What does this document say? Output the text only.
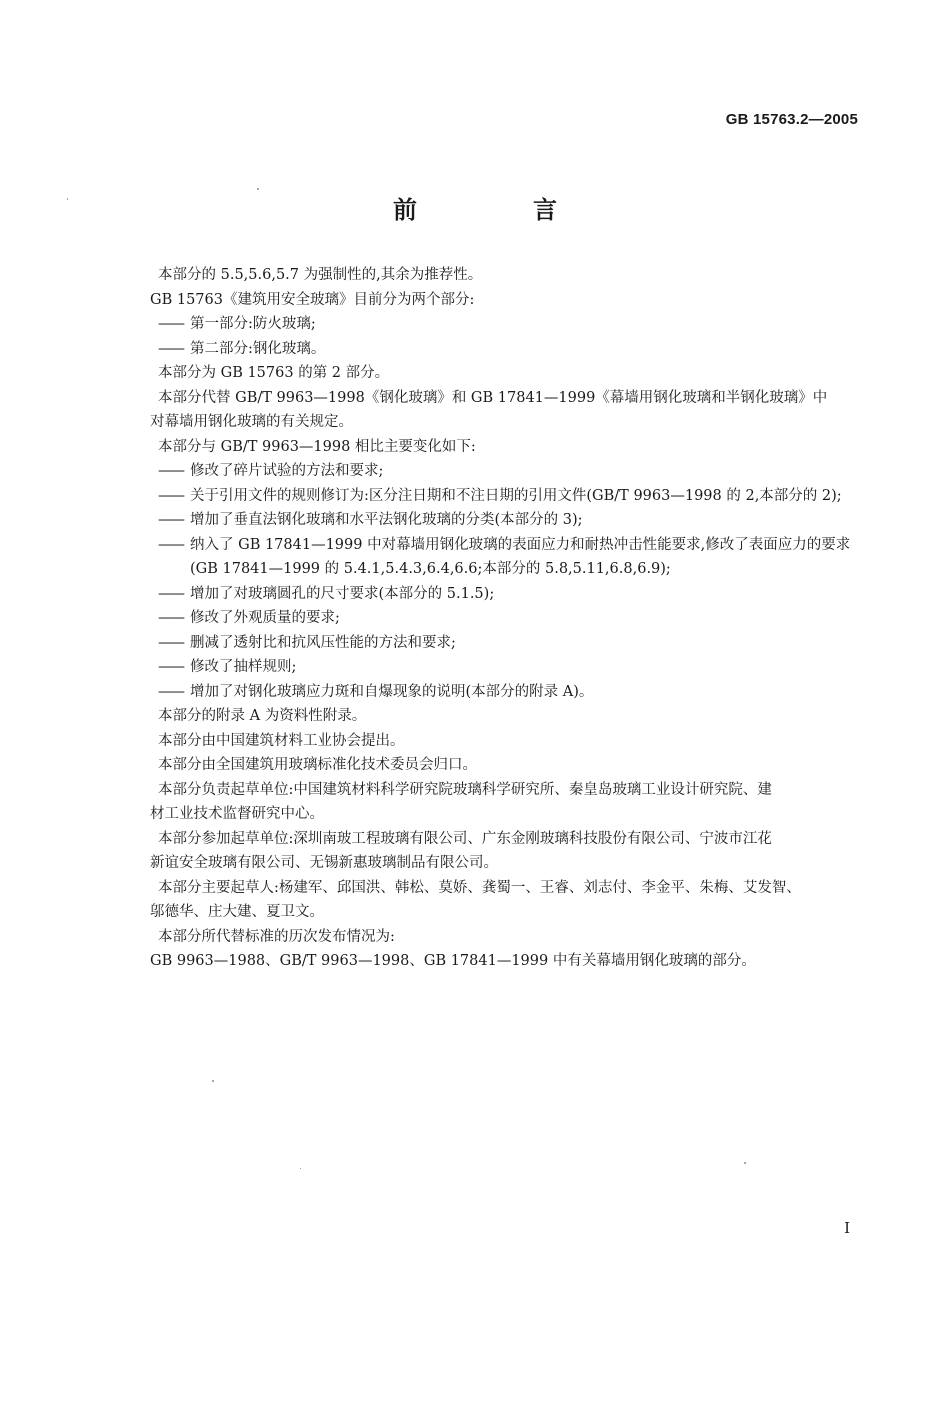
GB 15763.2—2005
前　言

本部分的 5.5,5.6,5.7 为强制性的,其余为推荐性。

GB 15763《建筑用安全玻璃》目前分为两个部分:

—— 第一部分:防火玻璃;
—— 第二部分:钢化玻璃。

本部分为 GB 15763 的第 2 部分。

本部分代替 GB/T 9963—1998《钢化玻璃》和 GB 17841—1999《幕墙用钢化玻璃和半钢化玻璃》中

对幕墙用钢化玻璃的有关规定。

本部分与 GB/T 9963—1998 相比主要变化如下:

—— 修改了碎片试验的方法和要求;
—— 关于引用文件的规则修订为:区分注日期和不注日期的引用文件(GB/T 9963—1998 的 2,本部分的 2);
—— 增加了垂直法钢化玻璃和水平法钢化玻璃的分类(本部分的 3);
—— 纳入了 GB 17841—1999 中对幕墙用钢化玻璃的表面应力和耐热冲击性能要求,修改了表面应力的要求(GB 17841—1999 的 5.4.1,5.4.3,6.4,6.6;本部分的 5.8,5.11,6.8,6.9);
—— 增加了对玻璃圆孔的尺寸要求(本部分的 5.1.5);
—— 修改了外观质量的要求;
—— 删减了透射比和抗风压性能的方法和要求;
—— 修改了抽样规则;
—— 增加了对钢化玻璃应力斑和自爆现象的说明(本部分的附录 A)。

本部分的附录 A 为资料性附录。

本部分由中国建筑材料工业协会提出。

本部分由全国建筑用玻璃标准化技术委员会归口。

本部分负责起草单位:中国建筑材料科学研究院玻璃科学研究所、秦皇岛玻璃工业设计研究院、建

材工业技术监督研究中心。

本部分参加起草单位:深圳南玻工程玻璃有限公司、广东金刚玻璃科技股份有限公司、宁波市江花

新谊安全玻璃有限公司、无锡新惠玻璃制品有限公司。

本部分主要起草人:杨建军、邱国洪、韩松、莫娇、龚蜀一、王睿、刘志付、李金平、朱梅、艾发智、

邬德华、庄大建、夏卫文。

本部分所代替标准的历次发布情况为:

GB 9963—1988、GB/T 9963—1998、GB 17841—1999 中有关幕墙用钢化玻璃的部分。

I
